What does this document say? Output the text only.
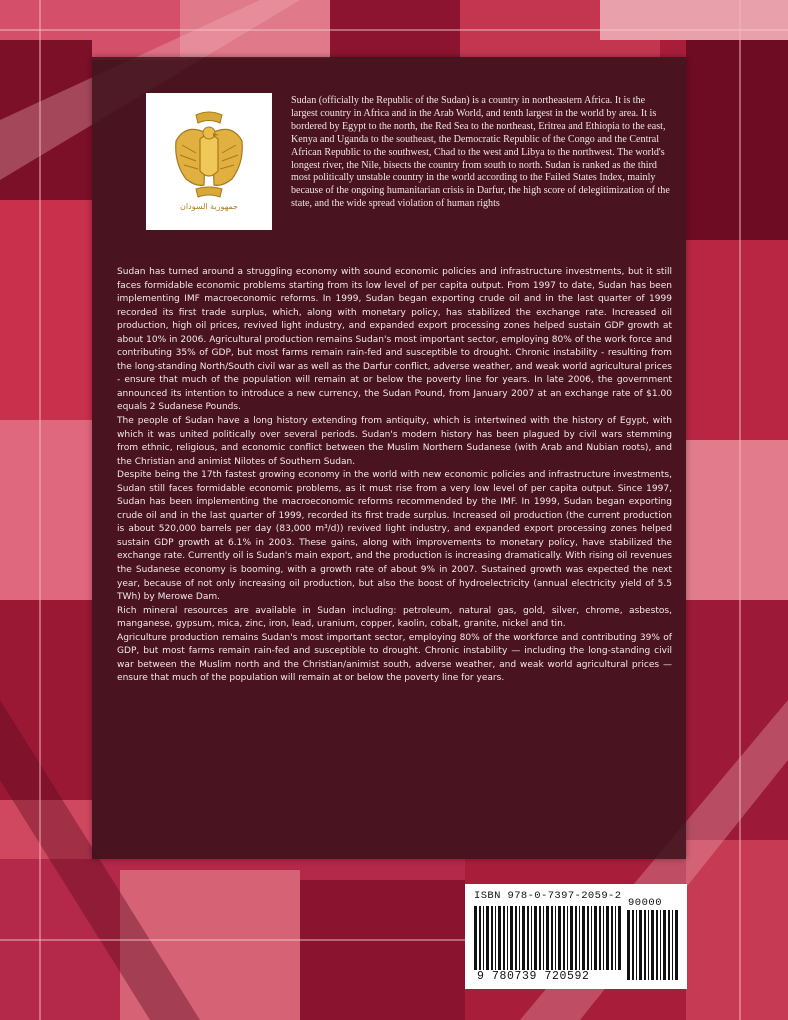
جمهورية السودان

Sudan (officially the Republic of the Sudan) is a country in northeastern Africa. It is the largest country in Africa and in the Arab World, and tenth largest in the world by area. It is bordered by Egypt to the north, the Red Sea to the northeast, Eritrea and Ethiopia to the east, Kenya and Uganda to the southeast, the Democratic Republic of the Congo and the Central African Republic to the southwest, Chad to the west and Libya to the northwest. The world's longest river, the Nile, bisects the country from south to north. Sudan is ranked as the third most politically unstable country in the world according to the Failed States Index, mainly because of the ongoing humanitarian crisis in Darfur, the high score of delegitimization of the state, and the wide spread violation of human rights

Sudan has turned around a struggling economy with sound economic policies and infrastructure investments, but it still faces formidable economic problems starting from its low level of per capita output. From 1997 to date, Sudan has been implementing IMF macroeconomic reforms. In 1999, Sudan began exporting crude oil and in the last quarter of 1999 recorded its first trade surplus, which, along with monetary policy, has stabilized the exchange rate. Increased oil production, high oil prices, revived light industry, and expanded export processing zones helped sustain GDP growth at about 10% in 2006. Agricultural production remains Sudan's most important sector, employing 80% of the work force and contributing 35% of GDP, but most farms remain rain-fed and susceptible to drought. Chronic instability - resulting from the long-standing North/South civil war as well as the Darfur conflict, adverse weather, and weak world agricultural prices - ensure that much of the population will remain at or below the poverty line for years. In late 2006, the government announced its intention to introduce a new currency, the Sudan Pound, from January 2007 at an exchange rate of $1.00 equals 2 Sudanese Pounds.

The people of Sudan have a long history extending from antiquity, which is intertwined with the history of Egypt, with which it was united politically over several periods. Sudan's modern history has been plagued by civil wars stemming from ethnic, religious, and economic conflict between the Muslim Northern Sudanese (with Arab and Nubian roots), and the Christian and animist Nilotes of Southern Sudan.

Despite being the 17th fastest growing economy in the world with new economic policies and infrastructure investments, Sudan still faces formidable economic problems, as it must rise from a very low level of per capita output. Since 1997, Sudan has been implementing the macroeconomic reforms recommended by the IMF. In 1999, Sudan began exporting crude oil and in the last quarter of 1999, recorded its first trade surplus. Increased oil production (the current production is about 520,000 barrels per day (83,000 m³/d)) revived light industry, and expanded export processing zones helped sustain GDP growth at 6.1% in 2003. These gains, along with improvements to monetary policy, have stabilized the exchange rate. Currently oil is Sudan's main export, and the production is increasing dramatically. With rising oil revenues the Sudanese economy is booming, with a growth rate of about 9% in 2007. Sustained growth was expected the next year, because of not only increasing oil production, but also the boost of hydroelectricity (annual electricity yield of 5.5 TWh) by Merowe Dam.

Rich mineral resources are available in Sudan including: petroleum, natural gas, gold, silver, chrome, asbestos, manganese, gypsum, mica, zinc, iron, lead, uranium, copper, kaolin, cobalt, granite, nickel and tin.

Agriculture production remains Sudan's most important sector, employing 80% of the workforce and contributing 39% of GDP, but most farms remain rain-fed and susceptible to drought. Chronic instability — including the long-standing civil war between the Muslim north and the Christian/animist south, adverse weather, and weak world agricultural prices — ensure that much of the population will remain at or below the poverty line for years.

ISBN 978-0-7397-2059-2
90000
9 780739 720592
